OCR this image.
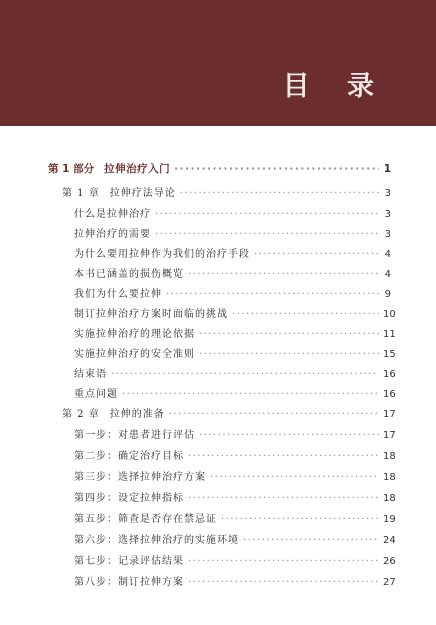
目 录
第 1 部分 拉伸治疗入门 ·····	1
第 1 章 拉伸疗法导论 ·····	3
什么是拉伸治疗 ·····	3
拉伸治疗的需要 ·····	3
为什么要用拉伸作为我们的治疗手段 ·····	4
本书已涵盖的损伤概览 ·····	4
我们为什么要拉伸 ·····	9
制订拉伸治疗方案时面临的挑战 ·····	10
实施拉伸治疗的理论依据 ·····	11
实施拉伸治疗的安全准则 ·····	15
结束语 ·····	16
重点问题 ·····	16
第 2 章 拉伸的准备 ·····	17
第一步：对患者进行评估 ·····	17
第二步：确定治疗目标 ·····	18
第三步：选择拉伸治疗方案 ·····	18
第四步：设定拉伸指标 ·····	18
第五步：筛查是否存在禁忌证 ·····	19
第六步：选择拉伸治疗的实施环境 ·····	24
第七步：记录评估结果 ·····	26
第八步：制订拉伸方案 ·····	27
